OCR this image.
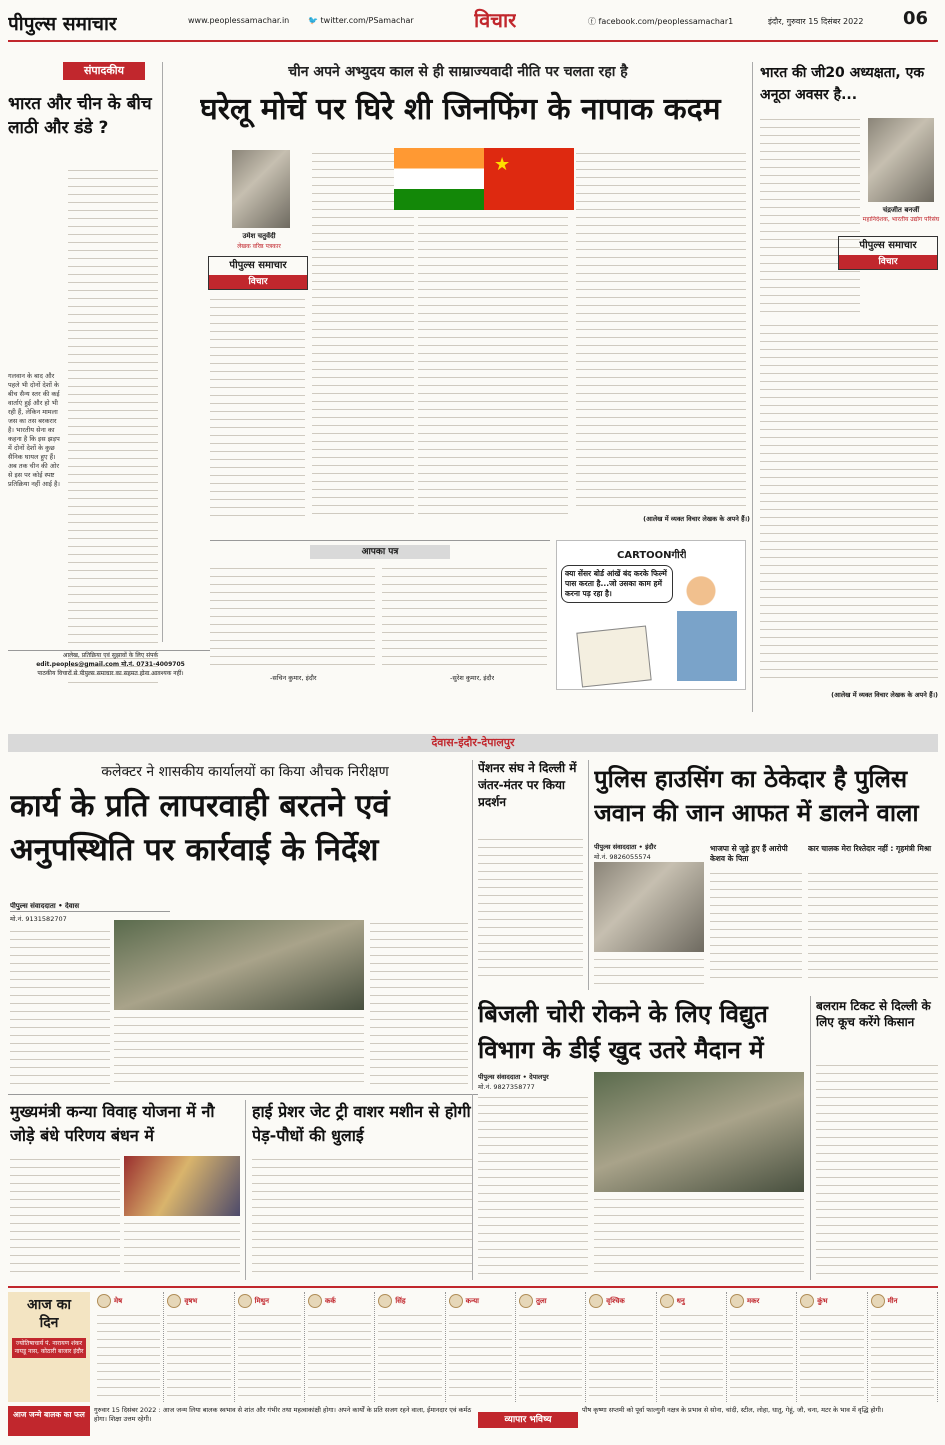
पीपुल्स समाचार	www.peoplessamachar.in 🐦 twitter.com/PSamachar	विचार	ⓕ facebook.com/peoplessamachar1	इंदौर, गुरुवार 15 दिसंबर 2022 06
संपादकीय
भारत और चीन के बीच लाठी और डंडे ?
गलवान के बाद और पहले भी दोनों देशों के बीच सैन्य स्तर की कई वार्ताएं हुई और हो भी रही हैं, लेकिन मामला जस का तस बरकरार है। भारतीय सेना का कहना है कि इस झड़प में दोनों देशों के कुछ सैनिक घायल हुए हैं। अब तक चीन की ओर से इस पर कोई स्पष्ट प्रतिक्रिया नहीं आई है।
आलेख, प्रतिक्रिया एवं सुझावों के लिए संपर्क
edit.peoples@gmail.com मो.नं. 0731-4009705
पाठकीय विचारों से पीपुल्स समाचार का सहमत होना आवश्यक नहीं।
चीन अपने अभ्युदय काल से ही साम्राज्यवादी नीति पर चलता रहा है
घरेलू मोर्चे पर घिरे शी जिनफिंग के नापाक कदम
उमेश चतुर्वेदी
लेखक वरिष्ठ पत्रकार
पीपुल्स समाचार
विचार
★
(आलेख में व्यक्त विचार लेखक के अपने हैं।)
आपका पत्र
-सचिन कुमार, इंदौर	-सुरेश कुमार, इंदौर
CARTOONगीरी
क्या सेंसर बोर्ड आंखें बंद करके फिल्में पास करता है...जो उसका काम हमें करना पड़ रहा है।
भारत की जी20 अध्यक्षता, एक अनूठा अवसर है...
चंद्रजीत बनर्जी
महानिदेशक, भारतीय उद्योग परिसंघ
पीपुल्स समाचार
विचार
(आलेख में व्यक्त विचार लेखक के अपने हैं।)
देवास-इंदौर-देपालपुर
कलेक्टर ने शासकीय कार्यालयों का किया औचक निरीक्षण
कार्य के प्रति लापरवाही बरतने एवं अनुपस्थिति पर कार्रवाई के निर्देश
पीपुल्स संवाददाता • देवास
मो.नं. 9131582707
पेंशनर संघ ने दिल्ली में जंतर-मंतर पर किया प्रदर्शन
पुलिस हाउसिंग का ठेकेदार है पुलिस जवान की जान आफत में डालने वाला
पीपुल्स संवाददाता • इंदौर
मो.नं. 9826055574
भाजपा से जुड़े हुए हैं आरोपी केशव के पिता
कार चालक मेरा रिश्तेदार नहीं : गृहमंत्री मिश्रा
मुख्यमंत्री कन्या विवाह योजना में नौ जोड़े बंधे परिणय बंधन में
हाई प्रेशर जेट ट्री वाशर मशीन से होगी पेड़-पौधों की धुलाई
बिजली चोरी रोकने के लिए विद्युत विभाग के डीई खुद उतरे मैदान में
पीपुल्स संवाददाता • देपालपुर
मो.नं. 9827358777
बलराम टिकट से दिल्ली के लिए कूच करेंगे किसान
आज का दिन
ज्योतिषाचार्य पं. नारायण शंकर नायडू नास, कोठारी बाजार इंदौर
मेष	वृषभ	मिथुन	कर्क	सिंह	कन्या	तुला	वृश्चिक	धनु	मकर	कुंभ	मीन
आज जन्मे बालक का फल	गुरुवार 15 दिसंबर 2022 : आज जन्म लिया बालक स्वभाव से शांत और गंभीर तथा महत्वाकांक्षी होगा। अपने कार्यों के प्रति सजग रहने वाला, ईमानदार एवं कर्मठ होगा। शिक्षा उत्तम रहेगी।	व्यापार भविष्य
पौष कृष्णा सप्तमी को पूर्वा फाल्गुनी नक्षत्र के प्रभाव से सोना, चांदी, स्टील, लोहा, धातु, गेहूं, जौ, चना, मटर के भाव में वृद्धि होगी।
